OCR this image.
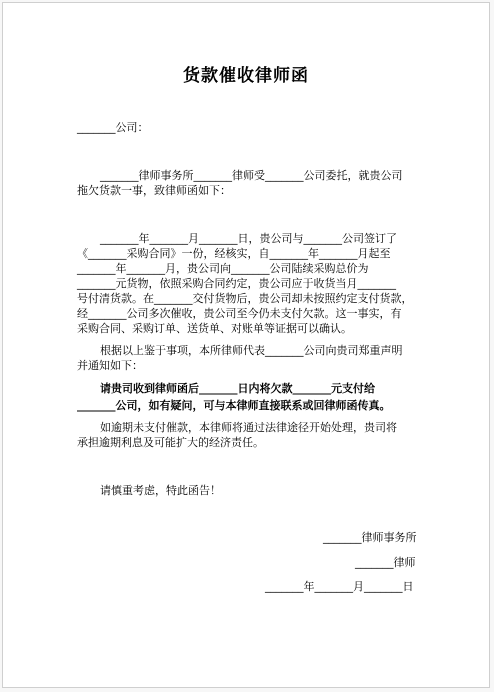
货款催收律师函
_______公司：
_______律师事务所_______律师受_______公司委托，就贵公司
拖欠货款一事，致律师函如下：
_______年_______月_______日，贵公司与_______公司签订了
《_______采购合同》一份，经核实，自_______年_______月起至
_______年_______月，贵公司向_______公司陆续采购总价为
_______元货物，依照采购合同约定，贵公司应于收货当月_______
号付清货款。在_______交付货物后，贵公司却未按照约定支付货款，
经_______公司多次催收，贵公司至今仍未支付欠款。这一事实，有
采购合同、采购订单、送货单、对账单等证据可以确认。
根据以上鉴于事项，本所律师代表_______公司向贵司郑重声明
并通知如下：
请贵司收到律师函后_______日内将欠款_______元支付给
_______公司，如有疑问，可与本律师直接联系或回律师函传真。
如逾期未支付催款，本律师将通过法律途径开始处理，贵司将
承担逾期利息及可能扩大的经济责任。
请慎重考虑，特此函告！
_______律师事务所
_______律师
_______年_______月_______日
